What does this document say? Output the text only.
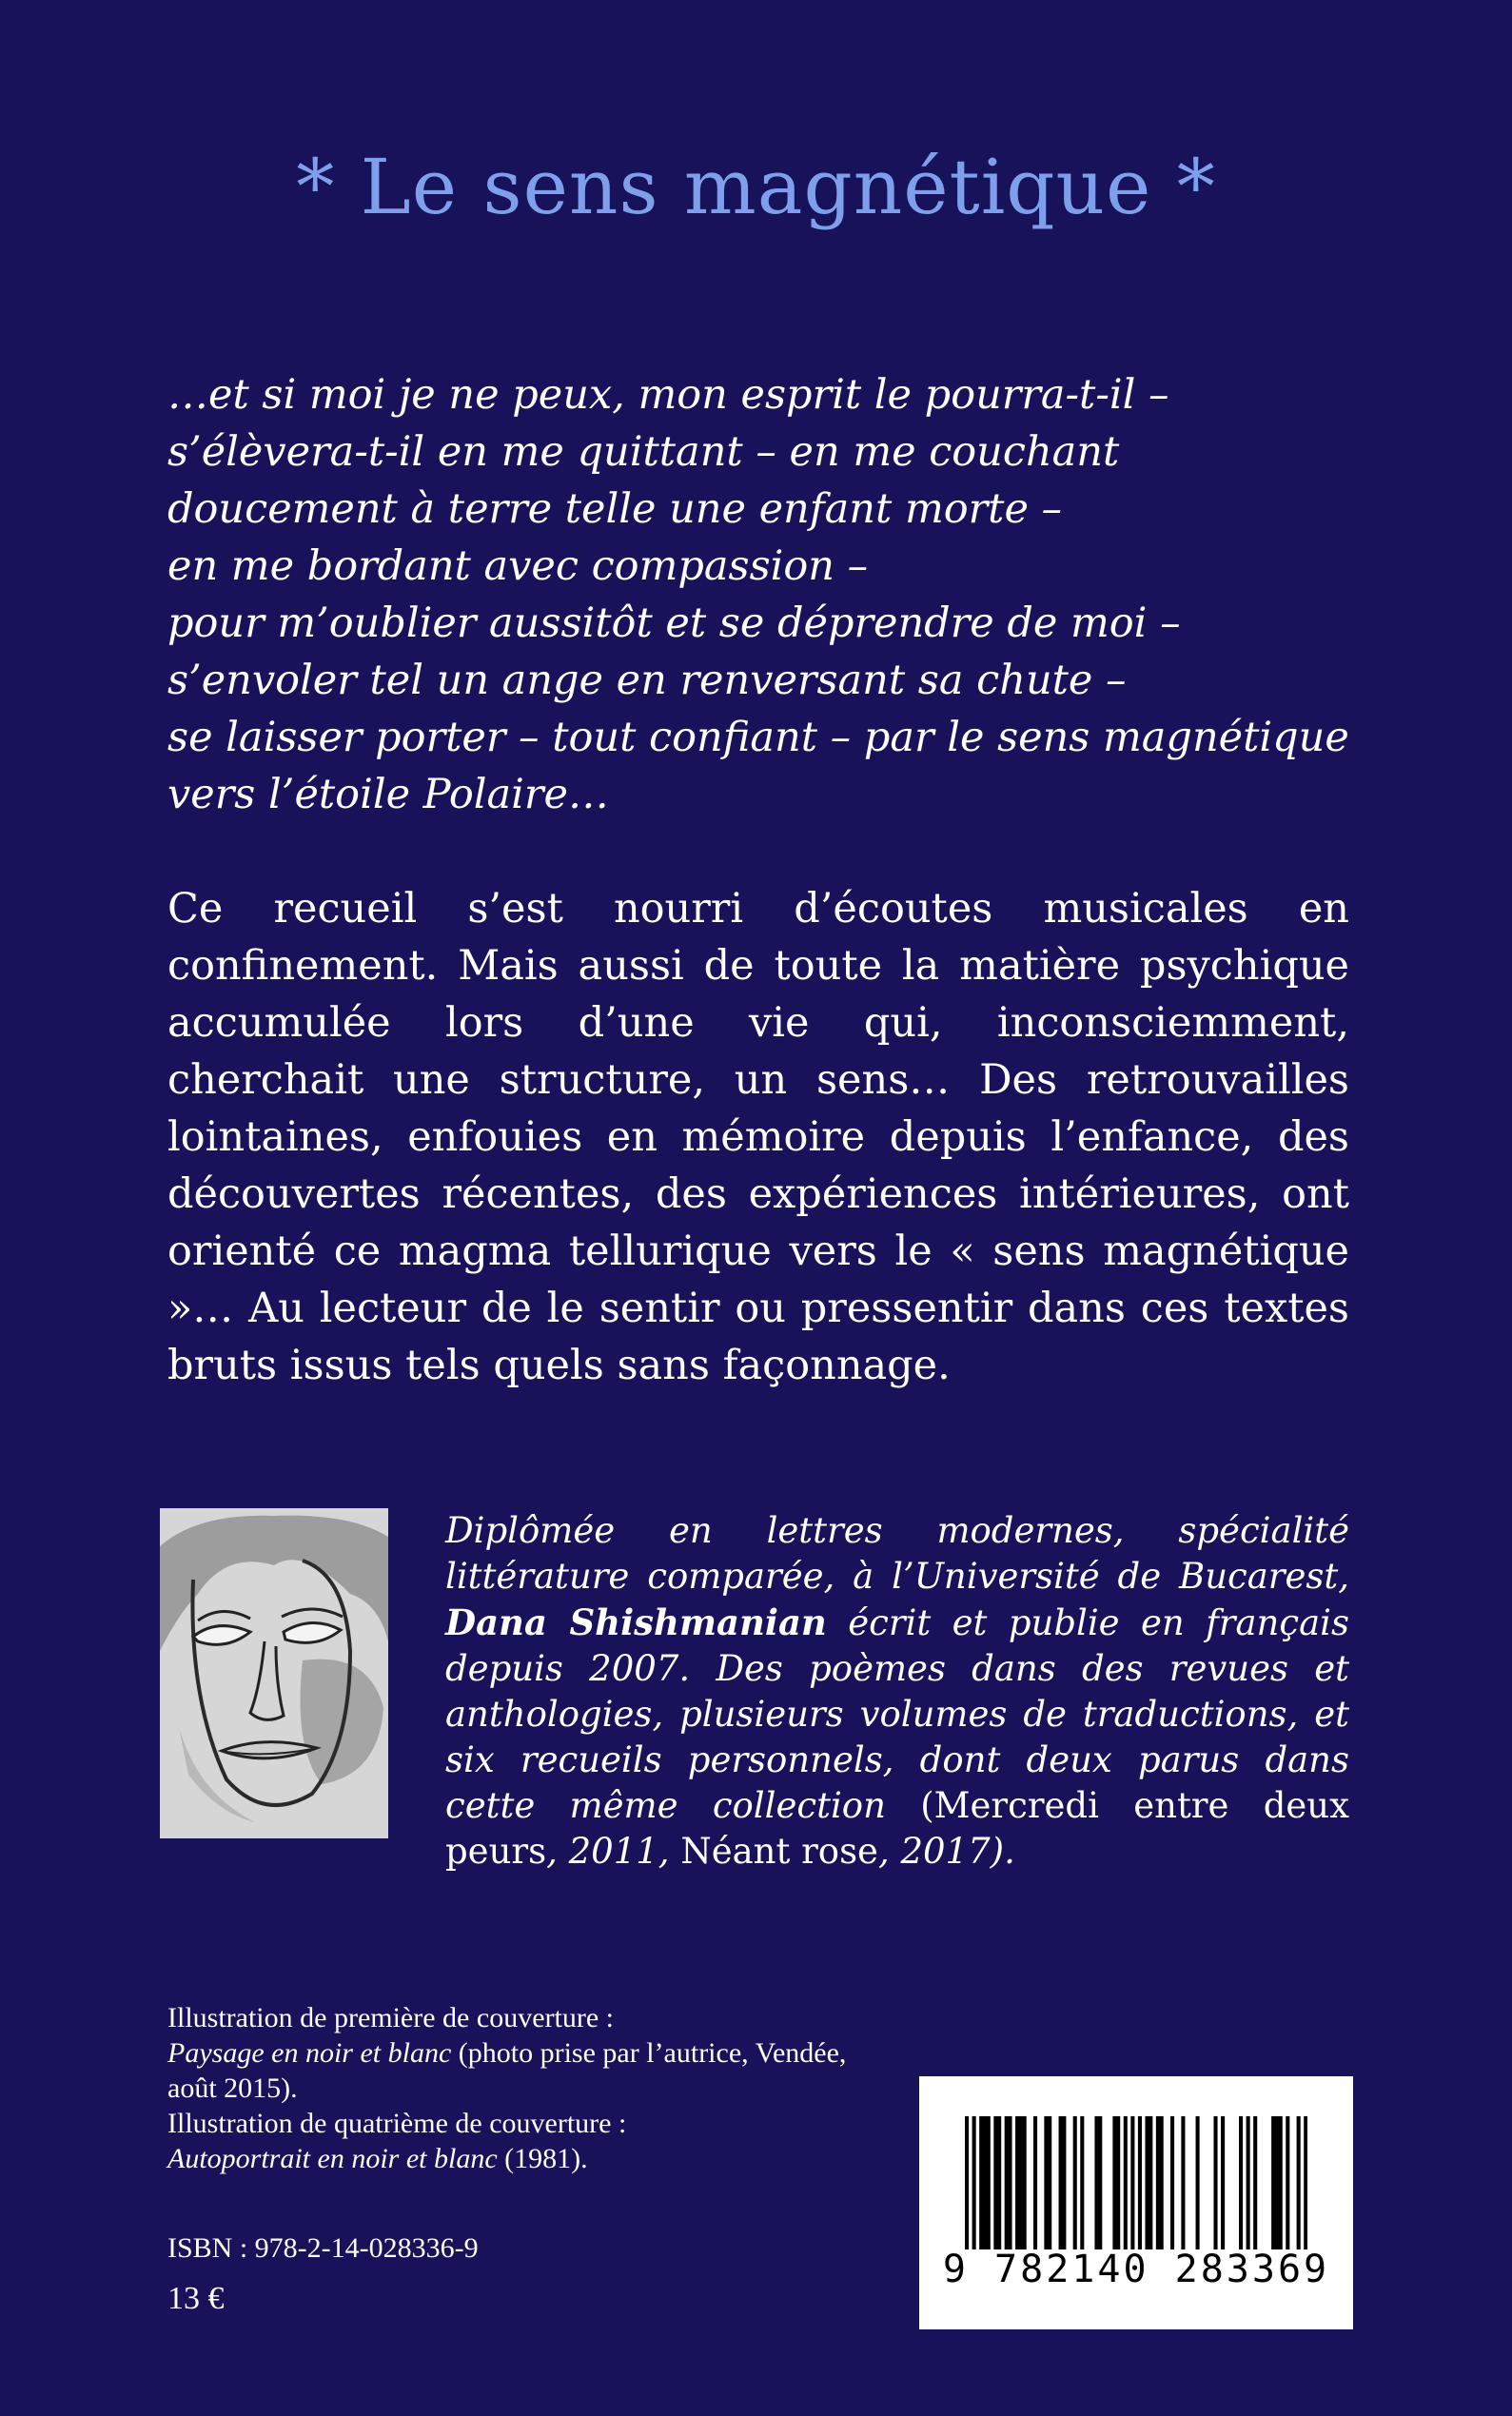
* Le sens magnétique *
…et si moi je ne peux, mon esprit le pourra-t-il –
s’élèvera-t-il en me quittant – en me couchant
doucement à terre telle une enfant morte –
en me bordant avec compassion –
pour m’oublier aussitôt et se déprendre de moi –
s’envoler tel un ange en renversant sa chute –
se laisser porter – tout confiant – par le sens magnétique
vers l’étoile Polaire…
Ce recueil s’est nourri d’écoutes musicales en confinement. Mais aussi de toute la matière psychique accumulée lors d’une vie qui, inconsciemment, cherchait une structure, un sens… Des retrouvailles lointaines, enfouies en mémoire depuis l’enfance, des découvertes récentes, des expériences intérieures, ont orienté ce magma tellurique vers le « sens magnétique »… Au lecteur de le sentir ou pressentir dans ces textes bruts issus tels quels sans façonnage.
Diplômée en lettres modernes, spécialité littérature comparée, à l’Université de Bucarest, Dana Shishmanian écrit et publie en français depuis 2007. Des poèmes dans des revues et anthologies, plusieurs volumes de traductions, et six recueils personnels, dont deux parus dans cette même collection (Mercredi entre deux peurs, 2011, Néant rose, 2017).
Illustration de première de couverture :
Paysage en noir et blanc (photo prise par l’autrice, Vendée, août 2015).
Illustration de quatrième de couverture :
Autoportrait en noir et blanc (1981).
ISBN : 978-2-14-028336-9
13 €
9 782140 283369
